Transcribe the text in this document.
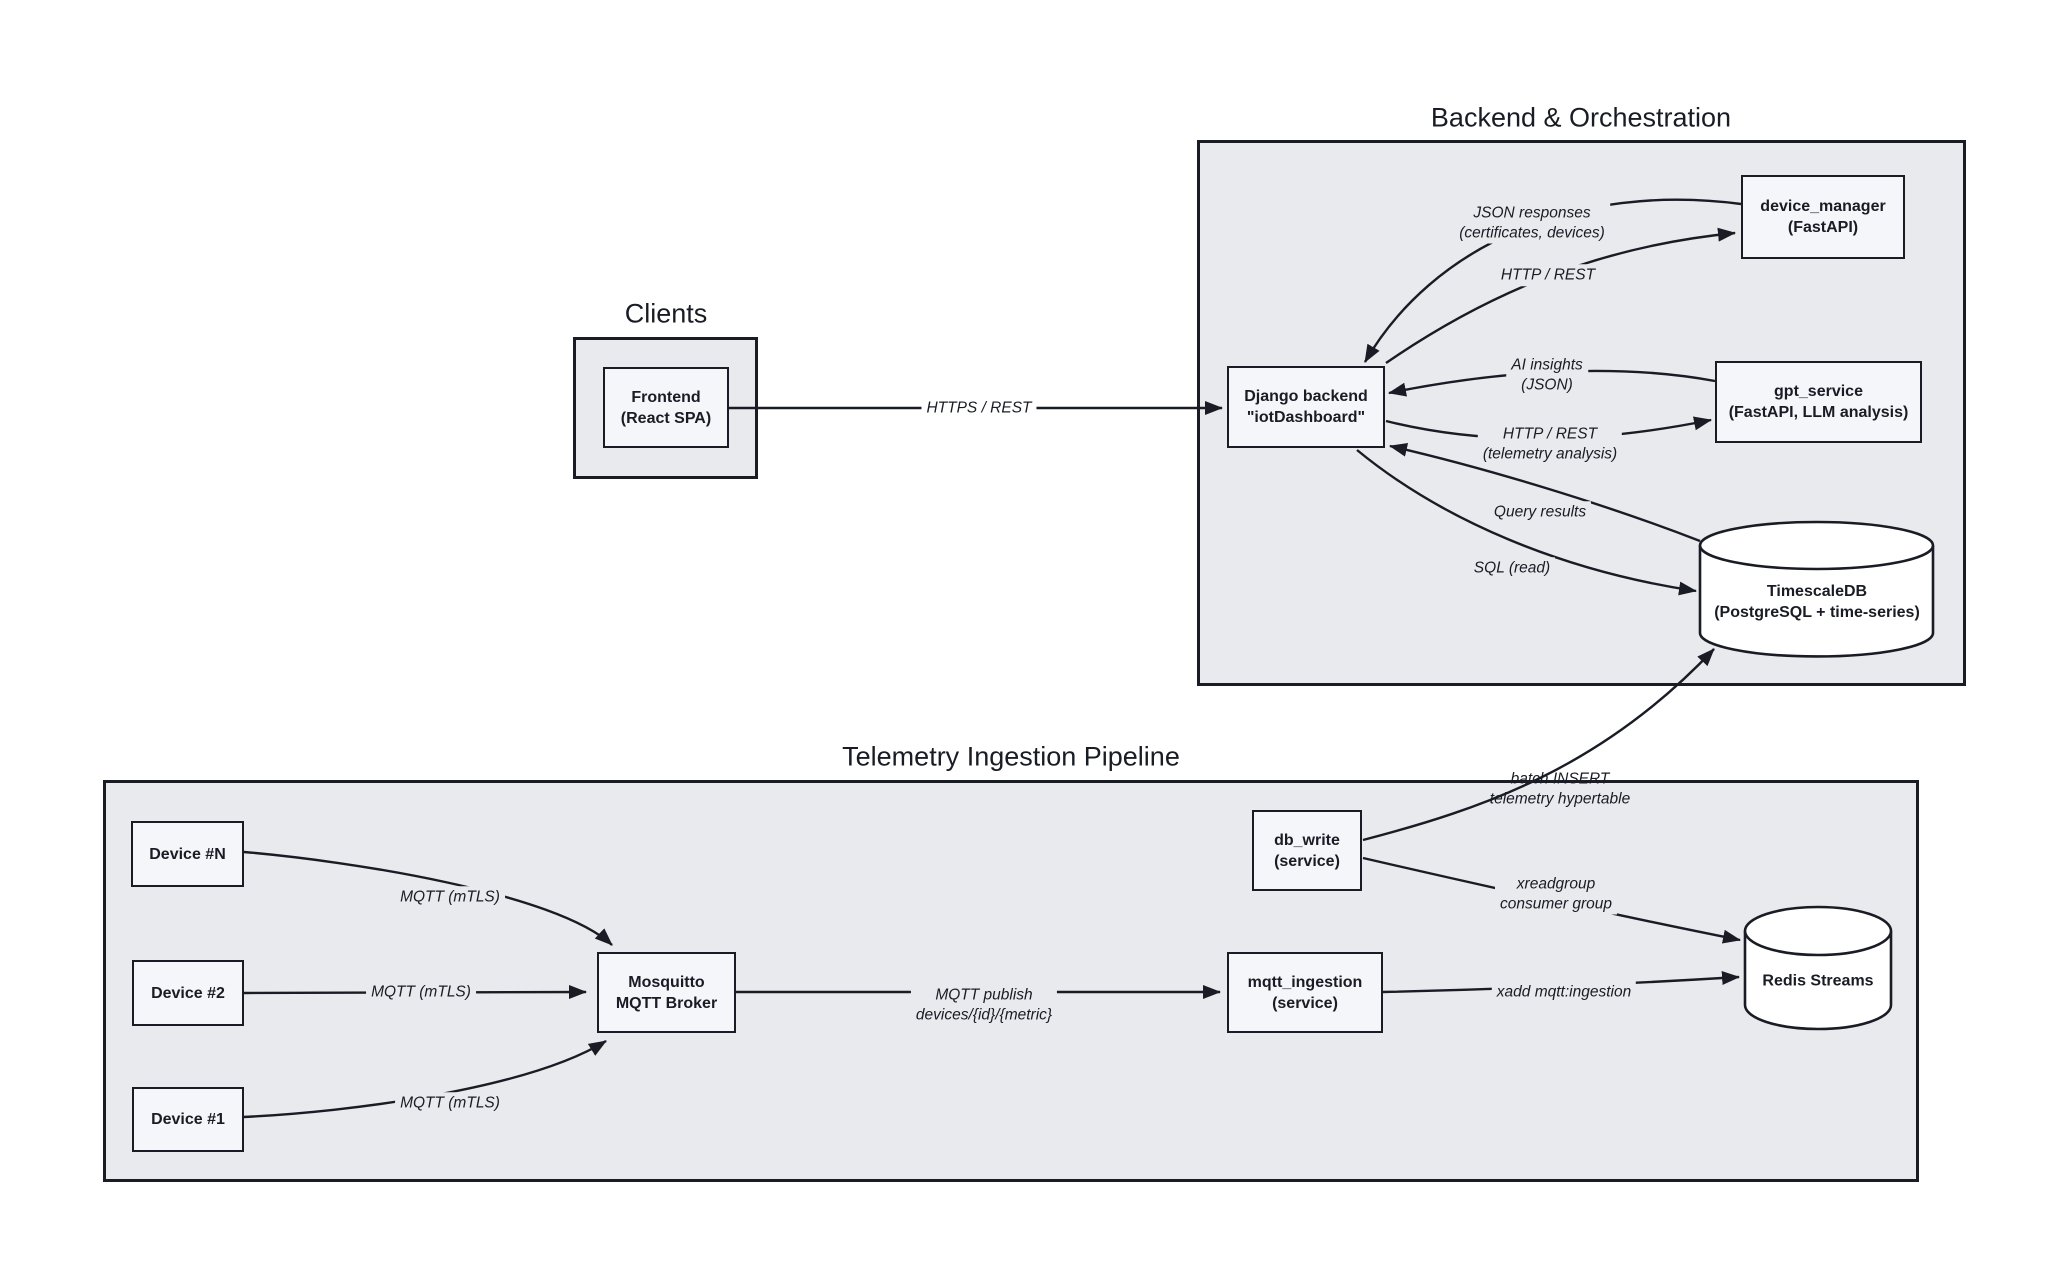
Clients
Backend & Orchestration
Telemetry Ingestion Pipeline
Frontend
(React SPA)
Django backend
"iotDashboard"
device_manager
(FastAPI)
gpt_service
(FastAPI, LLM analysis)
TimescaleDB
(PostgreSQL + time-series)
Device #N
Device #2
Device #1
Mosquitto
MQTT Broker
mqtt_ingestion
(service)
db_write
(service)
Redis Streams
HTTPS / REST
JSON responses
(certificates, devices)
HTTP / REST
AI insights
(JSON)
HTTP / REST
(telemetry analysis)
Query results
SQL (read)
batch INSERT
telemetry hypertable
xreadgroup
consumer group
xadd mqtt:ingestion
MQTT (mTLS)
MQTT (mTLS)
MQTT (mTLS)
MQTT publish
devices/{id}/{metric}
